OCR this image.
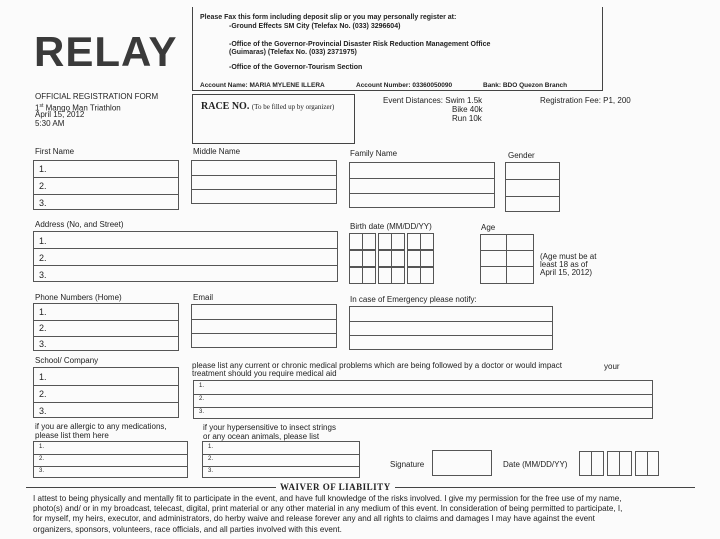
RELAY
Please Fax this form including deposit slip or you may personally register at:
-Ground Effects SM City (Telefax No. (033) 3296604)
-Office of the Governor-Provincial Disaster Risk Reduction Management Office
(Guimaras) (Telefax No. (033) 2371975)
-Office of the Governor-Tourism Section
Account Name: MARIA MYLENE ILLERA	Account Number: 03360050090	Bank: BDO Quezon Branch
OFFICIAL REGISTRATION FORM
1st Mango Man Triathlon
April 15, 2012
5:30 AM
RACE NO. (To be filled up by organizer)
Event Distances: Swim 1.5k
Bike 40k
Run 10k
Registration Fee: P1, 200
First Name	Middle Name	Family Name	Gender
1.
2.
3.
Address (No, and Street)	Birth date (MM/DD/YY)	Age
1.
2.
3.
(Age must be at
least 18 as of
April 15, 2012)
Phone Numbers (Home)	Email	In case of Emergency please notify:
1.
2.
3.
School/ Company
please list any current or chronic medical problems which are being followed by a doctor or would impact	your
treatment should you require medical aid
1.
2.
3.
1.
2.
3.
if you are allergic to any medications,
please list them here
if your hypersensitive to insect strings
or any ocean animals, please list
1.
2.
3.
1.
2.
3.
Signature	Date (MM/DD/YY)
WAIVER OF LIABILITY
I attest to being physically and mentally fit to participate in the event, and have full knowledge of the risks involved. I give my permission for the free use of my name,
photo(s) and/ or in my broadcast, telecast, digital, print material or any other material in any medium of this event. In consideration of being permitted to participate, I,
for myself, my heirs, executor, and administrators, do herby waive and release forever any and all rights to claims and damages I may have against the event
organizers, sponsors, volunteers, race officials, and all parties involved with this event.
